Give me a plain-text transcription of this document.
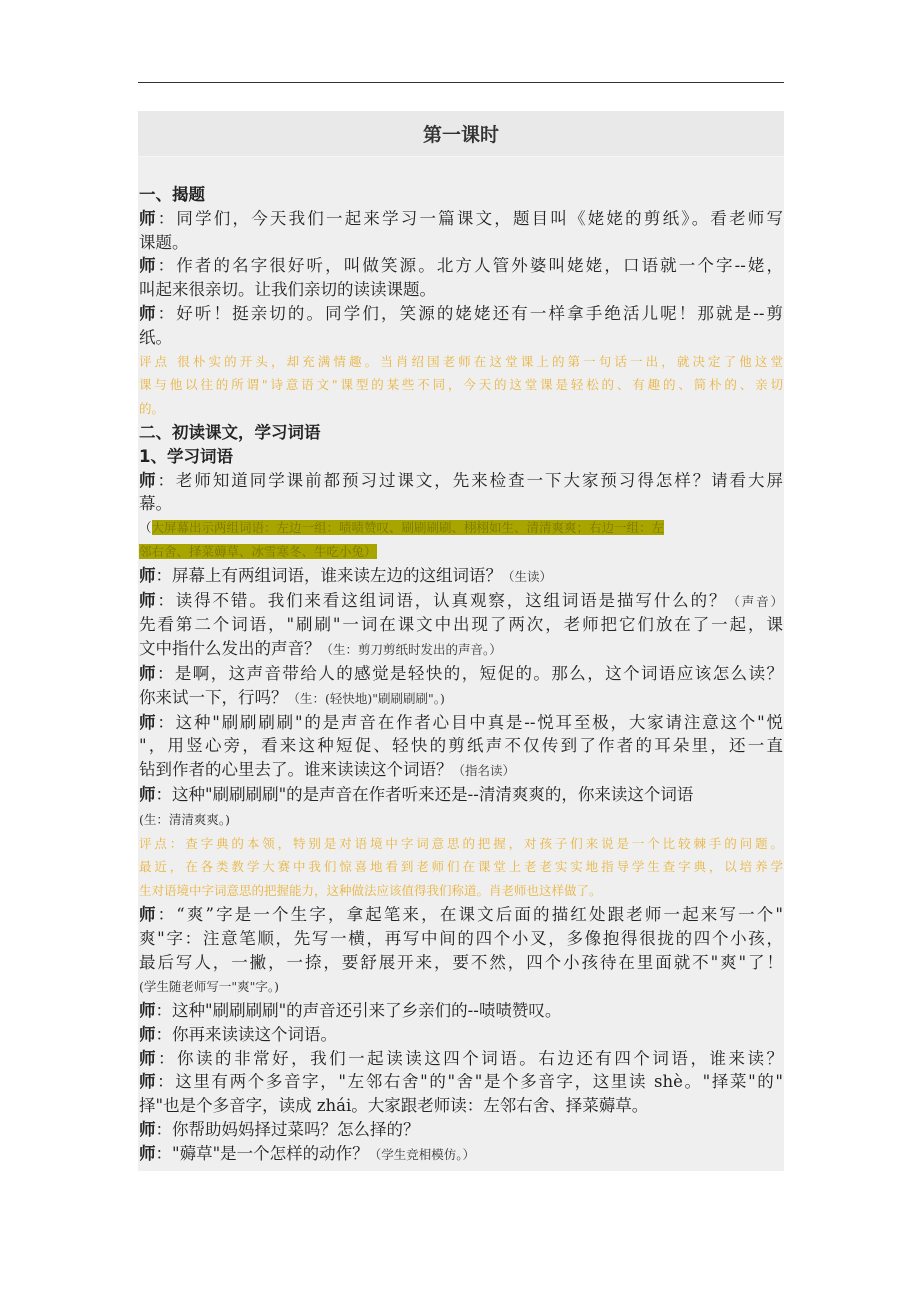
第一课时
一、揭题
师：同学们，今天我们一起来学习一篇课文，题目叫《姥姥的剪纸》。看老师写
课题。
师：作者的名字很好听，叫做笑源。北方人管外婆叫姥姥，口语就一个字--姥，
叫起来很亲切。让我们亲切的读读课题。
师：好听！挺亲切的。同学们，笑源的姥姥还有一样拿手绝活儿呢！那就是--剪
纸。
评点 很朴实的开头，却充满情趣。当肖绍国老师在这堂课上的第一句话一出，就决定了他这堂
课与他以往的所谓"诗意语文"课型的某些不同，今天的这堂课是轻松的、有趣的、简朴的、亲切
的。
二、初读课文，学习词语
1、学习词语
师：老师知道同学课前都预习过课文，先来检查一下大家预习得怎样？请看大屏
幕。
（大屏幕出示两组词语：左边一组：啧啧赞叹、刷刷刷刷、栩栩如生、清清爽爽；右边一组：左
邻右舍、择菜薅草、冰雪寒冬、牛吃小兔）
师：屏幕上有两组词语，谁来读左边的这组词语？（生读）
师：读得不错。我们来看这组词语，认真观察，这组词语是描写什么的？（声音）
先看第二个词语，"刷刷"一词在课文中出现了两次，老师把它们放在了一起，课
文中指什么发出的声音？（生：剪刀剪纸时发出的声音。）
师：是啊，这声音带给人的感觉是轻快的，短促的。那么，这个词语应该怎么读？
你来试一下，行吗？（生：(轻快地)"刷刷刷刷"。)
师：这种"刷刷刷刷"的是声音在作者心目中真是--悦耳至极，大家请注意这个"悦
"，用竖心旁，看来这种短促、轻快的剪纸声不仅传到了作者的耳朵里，还一直
钻到作者的心里去了。谁来读读这个词语？（指名读）
师：这种"刷刷刷刷"的是声音在作者听来还是--清清爽爽的，你来读这个词语
(生：清清爽爽。)
评点：查字典的本领，特别是对语境中字词意思的把握，对孩子们来说是一个比较棘手的问题。
最近，在各类教学大赛中我们惊喜地看到老师们在课堂上老老实实地指导学生查字典，以培养学
生对语境中字词意思的把握能力，这种做法应该值得我们称道。肖老师也这样做了。
师：“爽”字是一个生字，拿起笔来，在课文后面的描红处跟老师一起来写一个"
爽"字：注意笔顺，先写一横，再写中间的四个小叉，多像抱得很拢的四个小孩，
最后写人，一撇，一捺，要舒展开来，要不然，四个小孩待在里面就不"爽"了！
(学生随老师写一"爽"字。)
师：这种"刷刷刷刷"的声音还引来了乡亲们的--啧啧赞叹。
师：你再来读读这个词语。
师：你读的非常好，我们一起读读这四个词语。右边还有四个词语，谁来读？
师：这里有两个多音字，"左邻右舍"的"舍"是个多音字，这里读 shè。"择菜"的"
择"也是个多音字，读成 zhái。大家跟老师读：左邻右舍、择菜薅草。
师：你帮助妈妈择过菜吗？怎么择的？
师："薅草"是一个怎样的动作？（学生竞相模仿。）
